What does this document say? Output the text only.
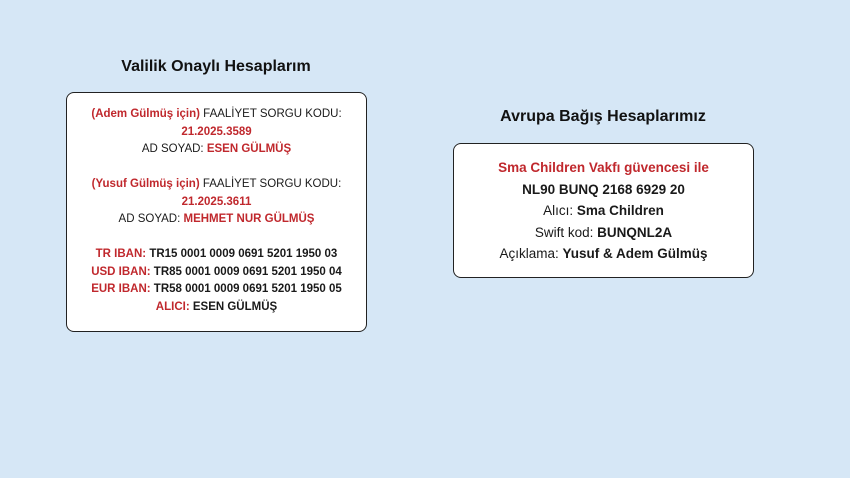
Valilik Onaylı Hesaplarım
(Adem Gülmüş için) FAALİYET SORGU KODU:
21.2025.3589
AD SOYAD: ESEN GÜLMÜŞ
(Yusuf Gülmüş için) FAALİYET SORGU KODU:
21.2025.3611
AD SOYAD: MEHMET NUR GÜLMÜŞ
TR IBAN: TR15 0001 0009 0691 5201 1950 03
USD IBAN: TR85 0001 0009 0691 5201 1950 04
EUR IBAN: TR58 0001 0009 0691 5201 1950 05
ALICI: ESEN GÜLMÜŞ
Avrupa Bağış Hesaplarımız
Sma Children Vakfı güvencesi ile
NL90 BUNQ 2168 6929 20
Alıcı: Sma Children
Swift kod: BUNQNL2A
Açıklama: Yusuf & Adem Gülmüş
